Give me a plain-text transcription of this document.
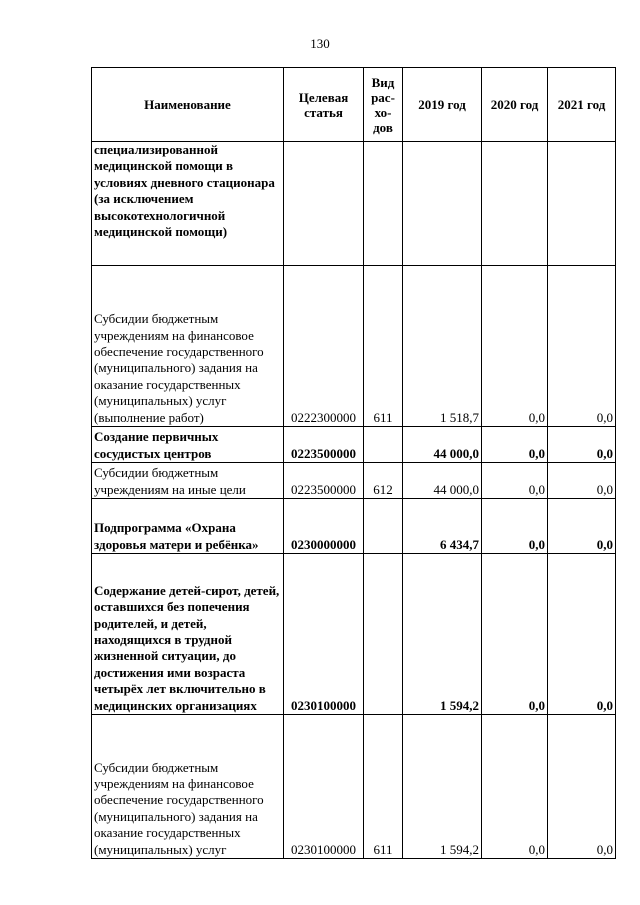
130
Наименование	Целевая статья	Вид рас-хо-дов	2019 год	2020 год	2021 год
специализированной медицинской помощи в условиях дневного стационара (за исключением высокотехнологичной медицинской помощи)					
Субсидии бюджетным учреждениям на финансовое обеспечение государственного (муниципального) задания на оказание государственных (муниципальных) услуг (выполнение работ)	0222300000	611	1 518,7	0,0	0,0
Создание первичных сосудистых центров	0223500000		44 000,0	0,0	0,0
Субсидии бюджетным учреждениям на иные цели	0223500000	612	44 000,0	0,0	0,0
Подпрограмма «Охрана здоровья матери и ребёнка»	0230000000		6 434,7	0,0	0,0
Содержание детей-сирот, детей, оставшихся без попечения родителей, и детей, находящихся в трудной жизненной ситуации, до достижения ими возраста четырёх лет включительно в медицинских организациях	0230100000		1 594,2	0,0	0,0
Субсидии бюджетным учреждениям на финансовое обеспечение государственного (муниципального) задания на оказание государственных (муниципальных) услуг	0230100000	611	1 594,2	0,0	0,0
